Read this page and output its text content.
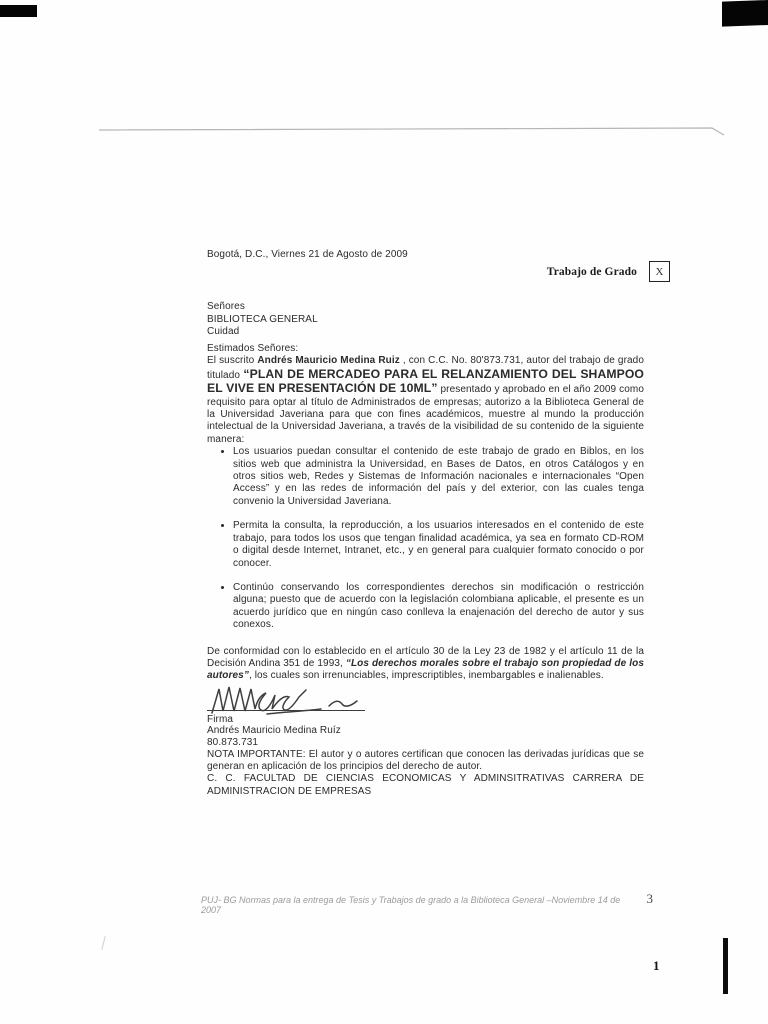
Bogotá, D.C., Viernes 21 de Agosto de 2009

Trabajo de Grado X

Señores

BIBLIOTECA GENERAL

Cuidad

Estimados Señores:

El suscrito Andrés Mauricio Medina Ruiz , con C.C. No. 80'873.731, autor del trabajo de grado titulado “PLAN DE MERCADEO PARA EL RELANZAMIENTO DEL SHAMPOO EL VIVE EN PRESENTACIÓN DE 10ML” presentado y aprobado en el año 2009 como requisito para optar al título de Administrados de empresas; autorizo a la Biblioteca General de la Universidad Javeriana para que con fines académicos, muestre al mundo la producción intelectual de la Universidad Javeriana, a través de la visibilidad de su contenido de la siguiente manera:

• Los usuarios puedan consultar el contenido de este trabajo de grado en Biblos, en los sitios web que administra la Universidad, en Bases de Datos, en otros Catálogos y en otros sitios web, Redes y Sistemas de Información nacionales e internacionales “Open Access” y en las redes de información del país y del exterior, con las cuales tenga convenio la Universidad Javeriana.
• Permita la consulta, la reproducción, a los usuarios interesados en el contenido de este trabajo, para todos los usos que tengan finalidad académica, ya sea en formato CD-ROM o digital desde Internet, Intranet, etc., y en general para cualquier formato conocido o por conocer.
• Continúo conservando los correspondientes derechos sin modificación o restricción alguna; puesto que de acuerdo con la legislación colombiana aplicable, el presente es un acuerdo jurídico que en ningún caso conlleva la enajenación del derecho de autor y sus conexos.

De conformidad con lo establecido en el artículo 30 de la Ley 23 de 1982 y el artículo 11 de la Decisión Andina 351 de 1993, “Los derechos morales sobre el trabajo son propiedad de los autores”, los cuales son irrenunciables, imprescriptibles, inembargables e inalienables.

Firma

Andrés Mauricio Medina Ruíz

80.873.731

NOTA IMPORTANTE: El autor y o autores certifican que conocen las derivadas jurídicas que se generan en aplicación de los principios del derecho de autor.

C. C. FACULTAD DE CIENCIAS ECONOMICAS Y ADMINSITRATIVAS CARRERA DE ADMINISTRACION DE EMPRESAS

PUJ- BG Normas para la entrega de Tesis y Trabajos de grado a la Biblioteca General –Noviembre 14 de 2007
3
1
